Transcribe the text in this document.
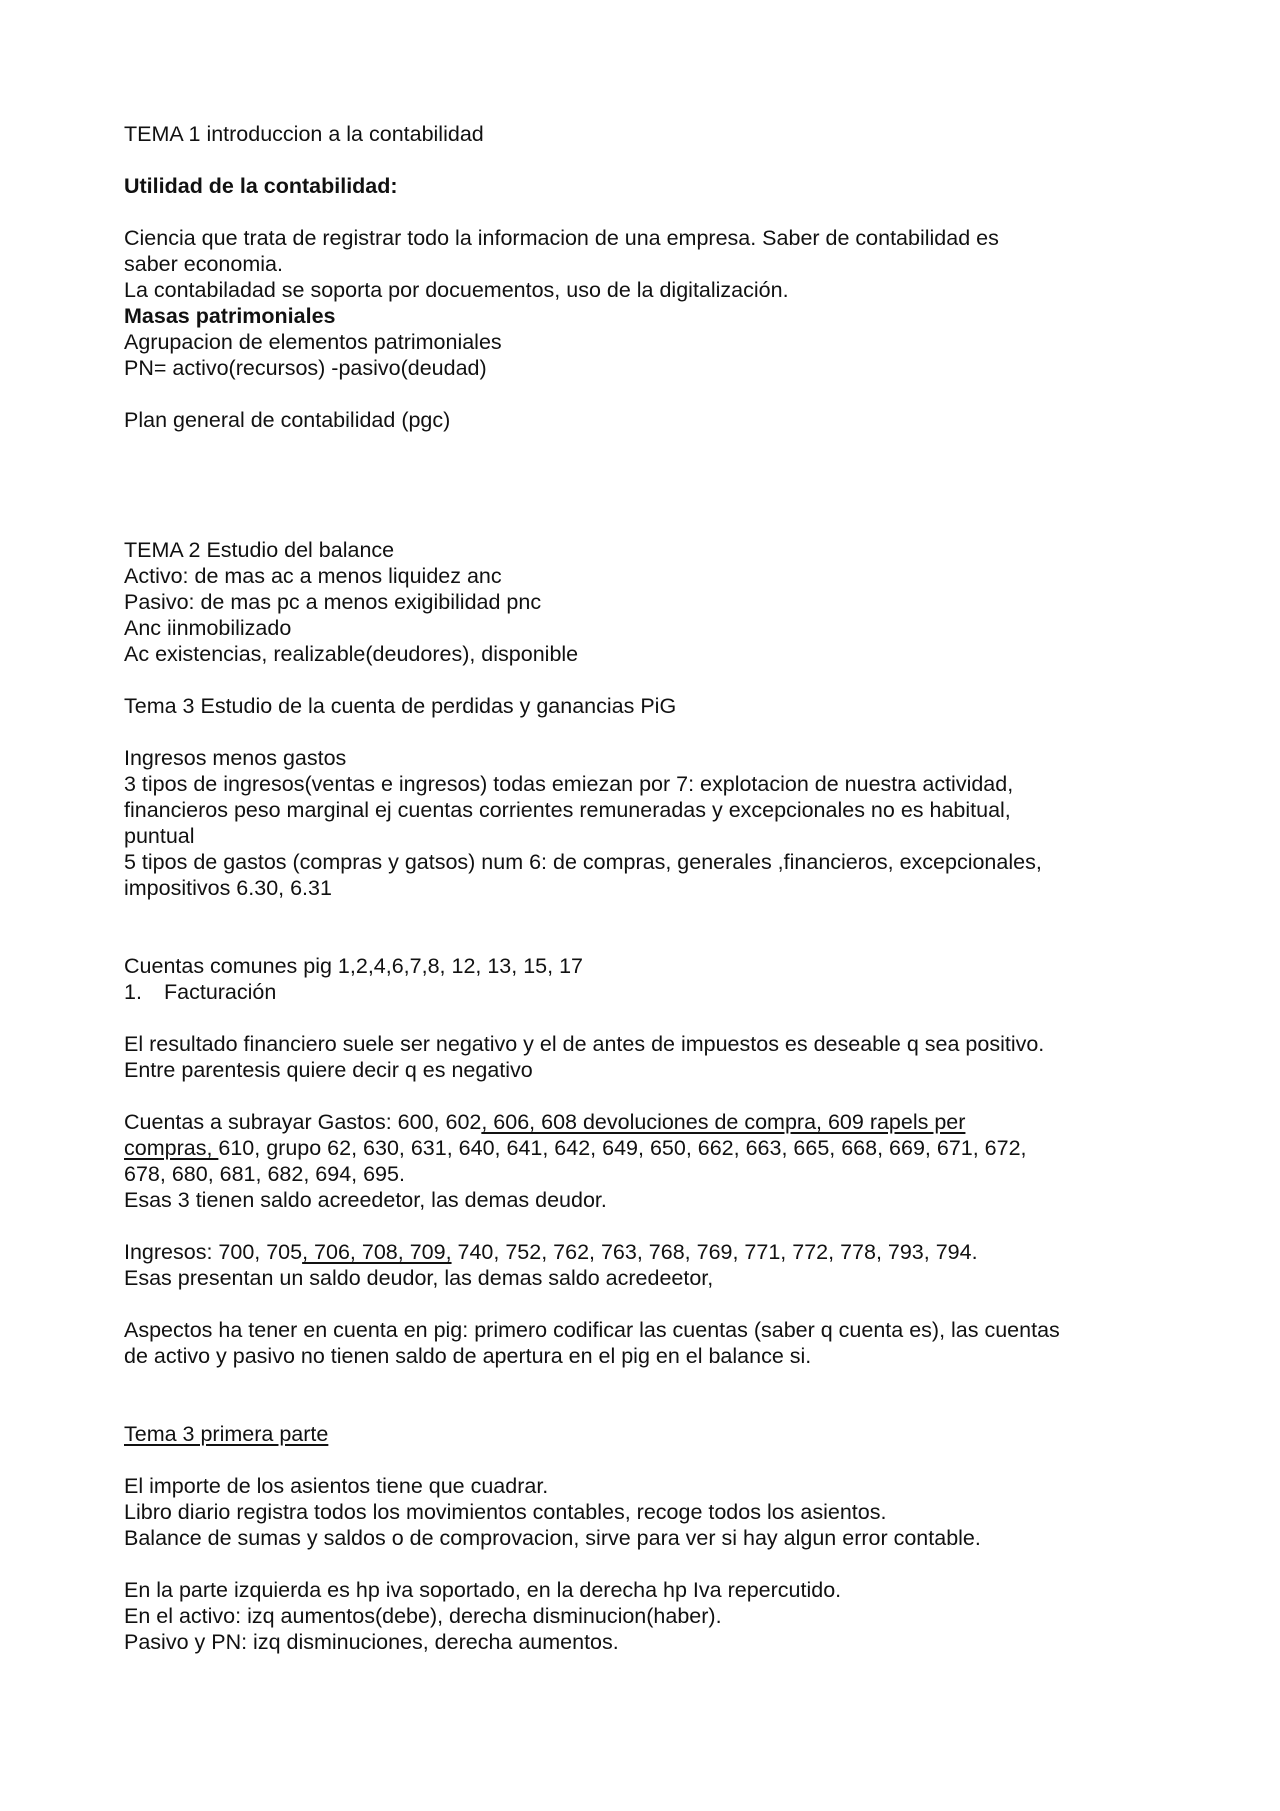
TEMA 1 introduccion a la contabilidad
Utilidad de la contabilidad:
Ciencia que trata de registrar todo la informacion de una empresa. Saber de contabilidad es
saber economia.
La contabiladad se soporta por docuementos, uso de la digitalización.
Masas patrimoniales
Agrupacion de elementos patrimoniales
PN= activo(recursos) -pasivo(deudad)
Plan general de contabilidad (pgc)
TEMA 2 Estudio del balance
Activo: de mas ac a menos liquidez anc
Pasivo: de mas pc a menos exigibilidad pnc
Anc iinmobilizado
Ac existencias, realizable(deudores), disponible
Tema 3 Estudio de la cuenta de perdidas y ganancias PiG
Ingresos menos gastos
3 tipos de ingresos(ventas e ingresos) todas emiezan por 7: explotacion de nuestra actividad,
financieros peso marginal ej cuentas corrientes remuneradas y excepcionales no es habitual,
puntual
5 tipos de gastos (compras y gatsos) num 6: de compras, generales ,financieros, excepcionales,
impositivos 6.30, 6.31
Cuentas comunes pig 1,2,4,6,7,8, 12, 13, 15, 17
1. Facturación
El resultado financiero suele ser negativo y el de antes de impuestos es deseable q sea positivo.
Entre parentesis quiere decir q es negativo
Cuentas a subrayar Gastos: 600, 602, 606, 608 devoluciones de compra, 609 rapels per
compras, 610, grupo 62, 630, 631, 640, 641, 642, 649, 650, 662, 663, 665, 668, 669, 671, 672,
678, 680, 681, 682, 694, 695.
Esas 3 tienen saldo acreedetor, las demas deudor.
Ingresos: 700, 705, 706, 708, 709, 740, 752, 762, 763, 768, 769, 771, 772, 778, 793, 794.
Esas presentan un saldo deudor, las demas saldo acredeetor,
Aspectos ha tener en cuenta en pig: primero codificar las cuentas (saber q cuenta es), las cuentas
de activo y pasivo no tienen saldo de apertura en el pig en el balance si.
Tema 3 primera parte
El importe de los asientos tiene que cuadrar.
Libro diario registra todos los movimientos contables, recoge todos los asientos.
Balance de sumas y saldos o de comprovacion, sirve para ver si hay algun error contable.
En la parte izquierda es hp iva soportado, en la derecha hp Iva repercutido.
En el activo: izq aumentos(debe), derecha disminucion(haber).
Pasivo y PN: izq disminuciones, derecha aumentos.
